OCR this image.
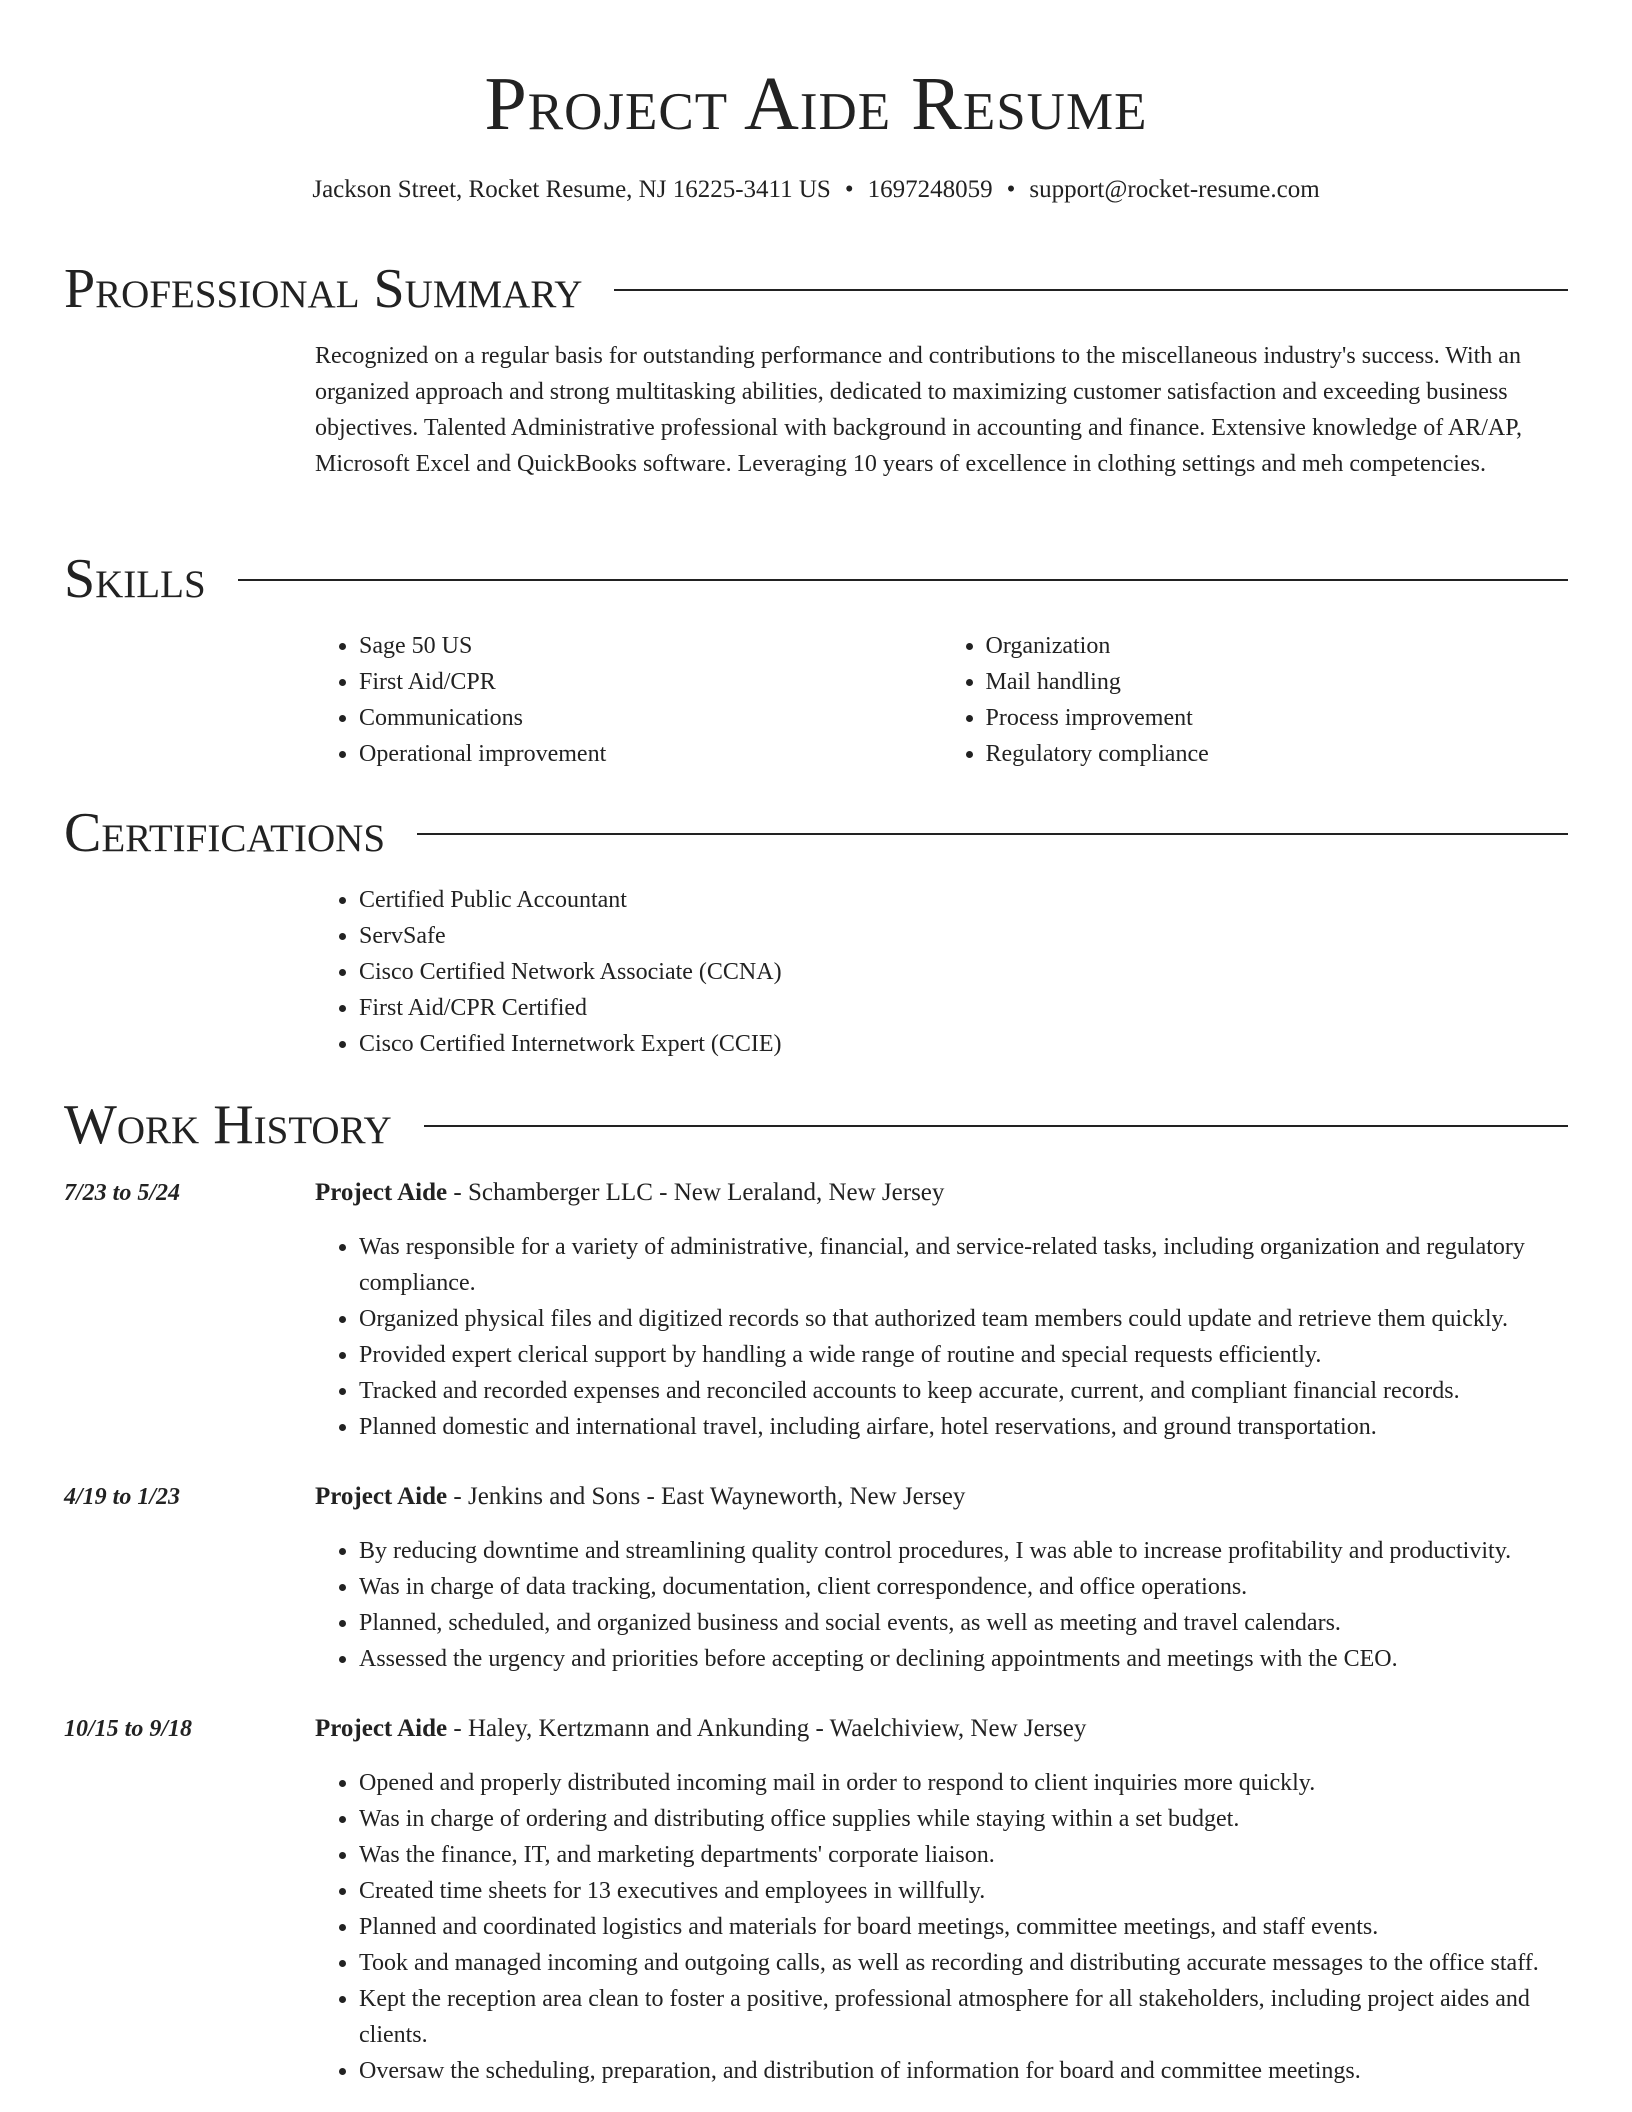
Project Aide Resume
Jackson Street, Rocket Resume, NJ 16225-3411 US • 1697248059 • support@rocket-resume.com
Professional Summary

Recognized on a regular basis for outstanding performance and contributions to the miscellaneous industry's success. With an organized approach and strong multitasking abilities, dedicated to maximizing customer satisfaction and exceeding business objectives. Talented Administrative professional with background in accounting and finance. Extensive knowledge of AR/AP, Microsoft Excel and QuickBooks software. Leveraging 10 years of excellence in clothing settings and meh competencies.

Skills
• Sage 50 US
• First Aid/CPR
• Communications
• Operational improvement
• Organization
• Mail handling
• Process improvement
• Regulatory compliance
Certifications
• Certified Public Accountant
• ServSafe
• Cisco Certified Network Associate (CCNA)
• First Aid/CPR Certified
• Cisco Certified Internetwork Expert (CCIE)
Work History
7/23 to 5/24	Project Aide - Schamberger LLC - New Leraland, New Jersey
• Was responsible for a variety of administrative, financial, and service-related tasks, including organization and regulatory compliance.
• Organized physical files and digitized records so that authorized team members could update and retrieve them quickly.
• Provided expert clerical support by handling a wide range of routine and special requests efficiently.
• Tracked and recorded expenses and reconciled accounts to keep accurate, current, and compliant financial records.
• Planned domestic and international travel, including airfare, hotel reservations, and ground transportation.
4/19 to 1/23	Project Aide - Jenkins and Sons - East Wayneworth, New Jersey
• By reducing downtime and streamlining quality control procedures, I was able to increase profitability and productivity.
• Was in charge of data tracking, documentation, client correspondence, and office operations.
• Planned, scheduled, and organized business and social events, as well as meeting and travel calendars.
• Assessed the urgency and priorities before accepting or declining appointments and meetings with the CEO.
10/15 to 9/18	Project Aide - Haley, Kertzmann and Ankunding - Waelchiview, New Jersey
• Opened and properly distributed incoming mail in order to respond to client inquiries more quickly.
• Was in charge of ordering and distributing office supplies while staying within a set budget.
• Was the finance, IT, and marketing departments' corporate liaison.
• Created time sheets for 13 executives and employees in willfully.
• Planned and coordinated logistics and materials for board meetings, committee meetings, and staff events.
• Took and managed incoming and outgoing calls, as well as recording and distributing accurate messages to the office staff.
• Kept the reception area clean to foster a positive, professional atmosphere for all stakeholders, including project aides and clients.
• Oversaw the scheduling, preparation, and distribution of information for board and committee meetings.
